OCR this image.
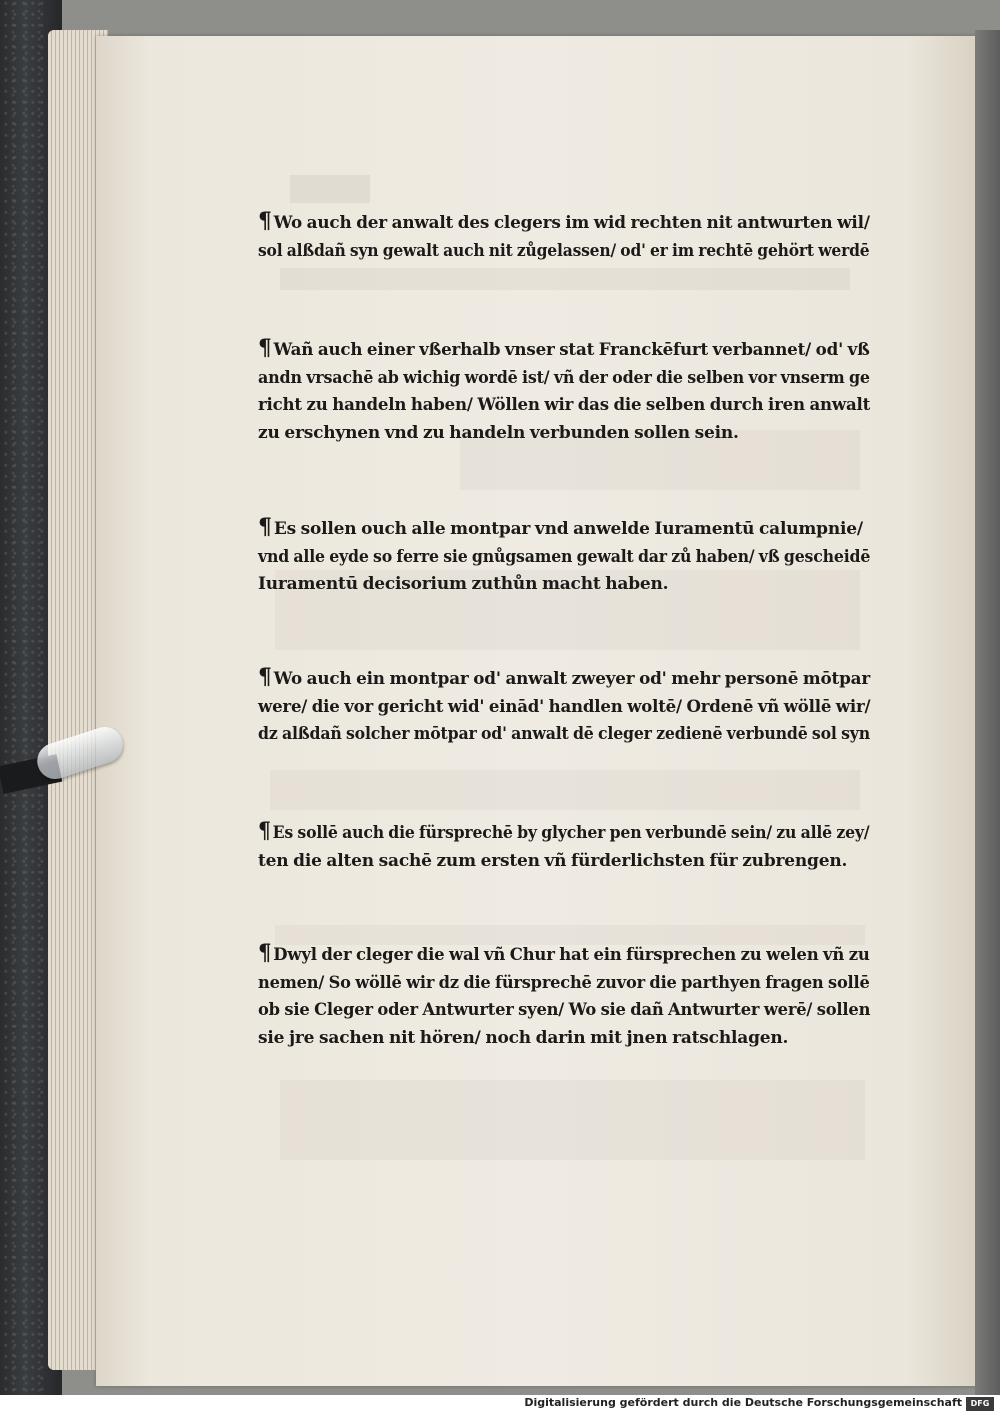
¶ Wo auch der anwalt des clegers im wid rechten nit antwurten wil/
sol alßdañ syn gewalt auch nit zůgelassen/ od' er im rechtē gehört werdē
¶ Wañ auch einer vßerhalb vnser stat Franckēfurt verbannet/ od' vß
andn vrsachē ab wichig wordē ist/ vñ der oder die selben vor vnserm ge
richt zu handeln haben/ Wöllen wir das die selben durch iren anwalt
zu erschynen vnd zu handeln verbunden sollen sein.
¶ Es sollen ouch alle montpar vnd anwelde Iuramentū calumpnie/
vnd alle eyde so ferre sie gnůgsamen gewalt dar zů haben/ vß gescheidē
Iuramentū decisorium zuthůn macht haben.
¶ Wo auch ein montpar od' anwalt zweyer od' mehr personē mōtpar
were/ die vor gericht wid' einād' handlen woltē/ Ordenē vñ wöllē wir/
dz alßdañ solcher mōtpar od' anwalt dē cleger zedienē verbundē sol syn
¶ Es sollē auch die fürsprechē by glycher pen verbundē sein/ zu allē zey/
ten die alten sachē zum ersten vñ fürderlichsten für zubrengen.
¶ Dwyl der cleger die wal vñ Chur hat ein fürsprechen zu welen vñ zu
nemen/ So wöllē wir dz die fürsprechē zuvor die parthyen fragen sollē
ob sie Cleger oder Antwurter syen/ Wo sie dañ Antwurter werē/ sollen
sie jre sachen nit hören/ noch darin mit jnen ratschlagen.
Digitalisierung gefördert durch die Deutsche Forschungsgemeinschaft	DFG
